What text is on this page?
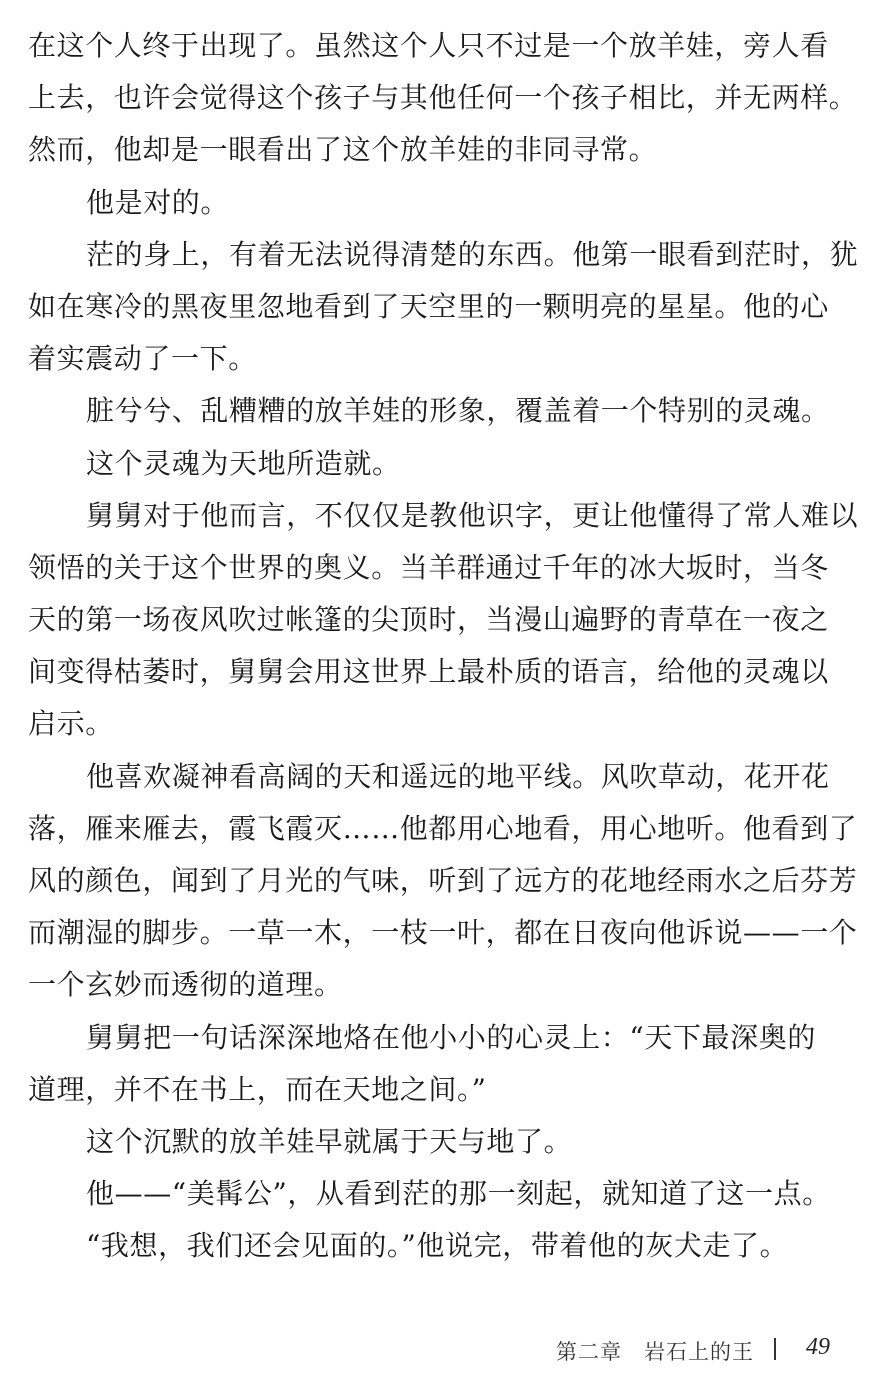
在这个人终于出现了。虽然这个人只不过是一个放羊娃，旁人看
上去，也许会觉得这个孩子与其他任何一个孩子相比，并无两样。
然而，他却是一眼看出了这个放羊娃的非同寻常。
他是对的。
茫的身上，有着无法说得清楚的东西。他第一眼看到茫时，犹
如在寒冷的黑夜里忽地看到了天空里的一颗明亮的星星。他的心
着实震动了一下。
脏兮兮、乱糟糟的放羊娃的形象，覆盖着一个特别的灵魂。
这个灵魂为天地所造就。
舅舅对于他而言，不仅仅是教他识字，更让他懂得了常人难以
领悟的关于这个世界的奥义。当羊群通过千年的冰大坂时，当冬
天的第一场夜风吹过帐篷的尖顶时，当漫山遍野的青草在一夜之
间变得枯萎时，舅舅会用这世界上最朴质的语言，给他的灵魂以
启示。
他喜欢凝神看高阔的天和遥远的地平线。风吹草动，花开花
落，雁来雁去，霞飞霞灭……他都用心地看，用心地听。他看到了
风的颜色，闻到了月光的气味，听到了远方的花地经雨水之后芬芳
而潮湿的脚步。一草一木，一枝一叶，都在日夜向他诉说——一个
一个玄妙而透彻的道理。
舅舅把一句话深深地烙在他小小的心灵上：“天下最深奥的
道理，并不在书上，而在天地之间。”
这个沉默的放羊娃早就属于天与地了。
他——“美髯公”，从看到茫的那一刻起，就知道了这一点。
“我想，我们还会见面的。”他说完，带着他的灰犬走了。
第二章　岩石上的王 49
